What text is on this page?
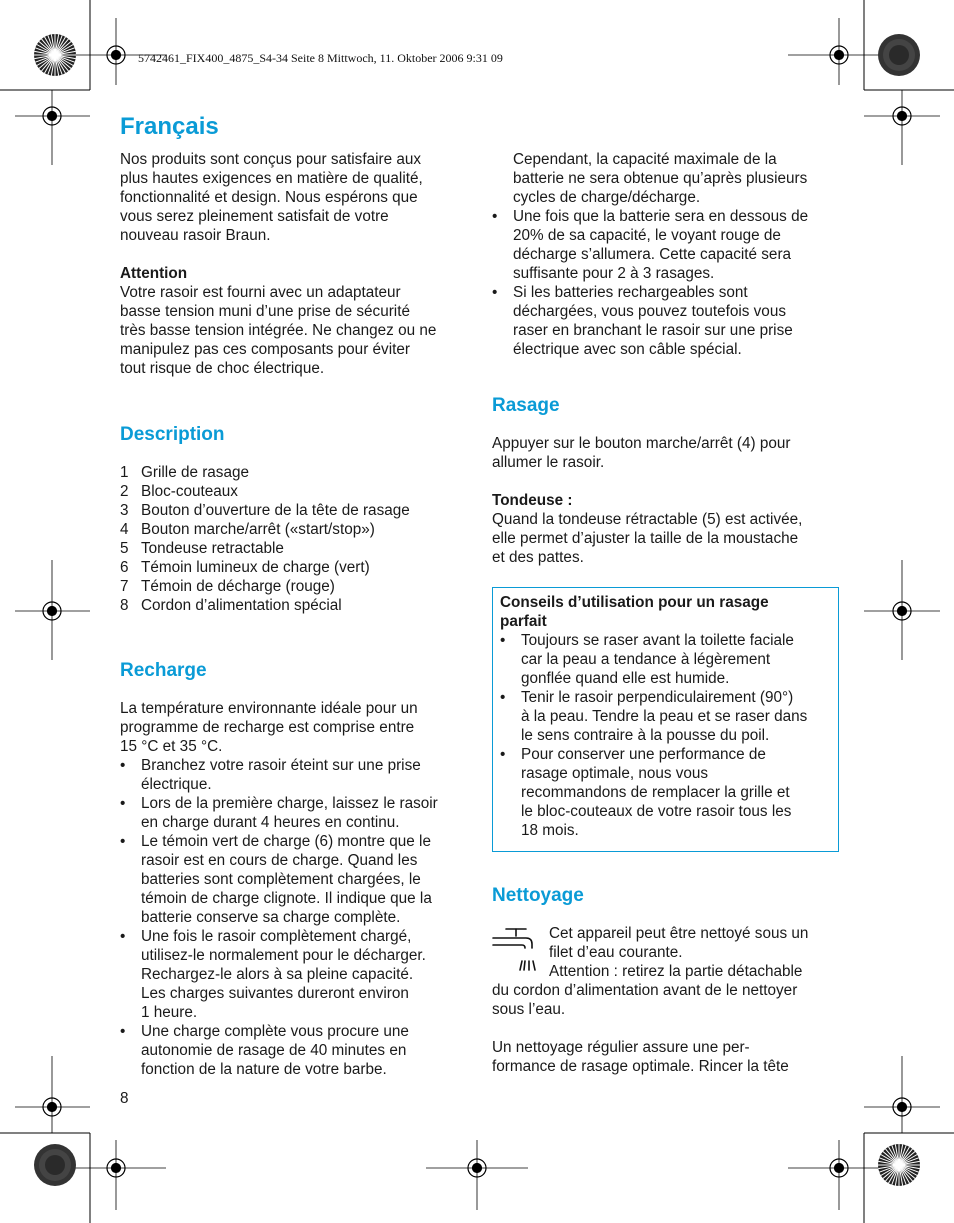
5742461_FIX400_4875_S4-34 Seite 8 Mittwoch, 11. Oktober 2006 9:31 09
Français
Nos produits sont conçus pour satisfaire aux
plus hautes exigences en matière de qualité,
fonctionnalité et design. Nous espérons que
vous serez pleinement satisfait de votre
nouveau rasoir Braun.
Attention
Votre rasoir est fourni avec un adaptateur
basse tension muni d’une prise de sécurité
très basse tension intégrée. Ne changez ou ne
manipulez pas ces composants pour éviter
tout risque de choc électrique.
Description
1 Grille de rasage
2 Bloc-couteaux
3 Bouton d’ouverture de la tête de rasage
4 Bouton marche/arrêt («start/stop»)
5 Tondeuse retractable
6 Témoin lumineux de charge (vert)
7 Témoin de décharge (rouge)
8 Cordon d’alimentation spécial
Recharge
La température environnante idéale pour un
programme de recharge est comprise entre
15 °C et 35 °C.
• Branchez votre rasoir éteint sur une prise
électrique.
• Lors de la première charge, laissez le rasoir
en charge durant 4 heures en continu.
• Le témoin vert de charge (6) montre que le
rasoir est en cours de charge. Quand les
batteries sont complètement chargées, le
témoin de charge clignote. Il indique que la
batterie conserve sa charge complète.
• Une fois le rasoir complètement chargé,
utilisez-le normalement pour le décharger.
Rechargez-le alors à sa pleine capacité.
Les charges suivantes dureront environ
1 heure.
• Une charge complète vous procure une
autonomie de rasage de 40 minutes en
fonction de la nature de votre barbe.
8
Cependant, la capacité maximale de la
batterie ne sera obtenue qu’après plusieurs
cycles de charge/décharge.
• Une fois que la batterie sera en dessous de
20% de sa capacité, le voyant rouge de
décharge s’allumera. Cette capacité sera
suffisante pour 2 à 3 rasages.
• Si les batteries rechargeables sont
déchargées, vous pouvez toutefois vous
raser en branchant le rasoir sur une prise
électrique avec son câble spécial.
Rasage
Appuyer sur le bouton marche/arrêt (4) pour
allumer le rasoir.
Tondeuse :
Quand la tondeuse rétractable (5) est activée,
elle permet d’ajuster la taille de la moustache
et des pattes.
Conseils d’utilisation pour un rasage
parfait
• Toujours se raser avant la toilette faciale
car la peau a tendance à légèrement
gonflée quand elle est humide.
• Tenir le rasoir perpendiculairement (90°)
à la peau. Tendre la peau et se raser dans
le sens contraire à la pousse du poil.
• Pour conserver une performance de
rasage optimale, nous vous
recommandons de remplacer la grille et
le bloc-couteaux de votre rasoir tous les
18 mois.
Nettoyage
Cet appareil peut être nettoyé sous un
filet d’eau courante.
Attention : retirez la partie détachable
du cordon d’alimentation avant de le nettoyer
sous l’eau.
Un nettoyage régulier assure une per-
formance de rasage optimale. Rincer la tête
